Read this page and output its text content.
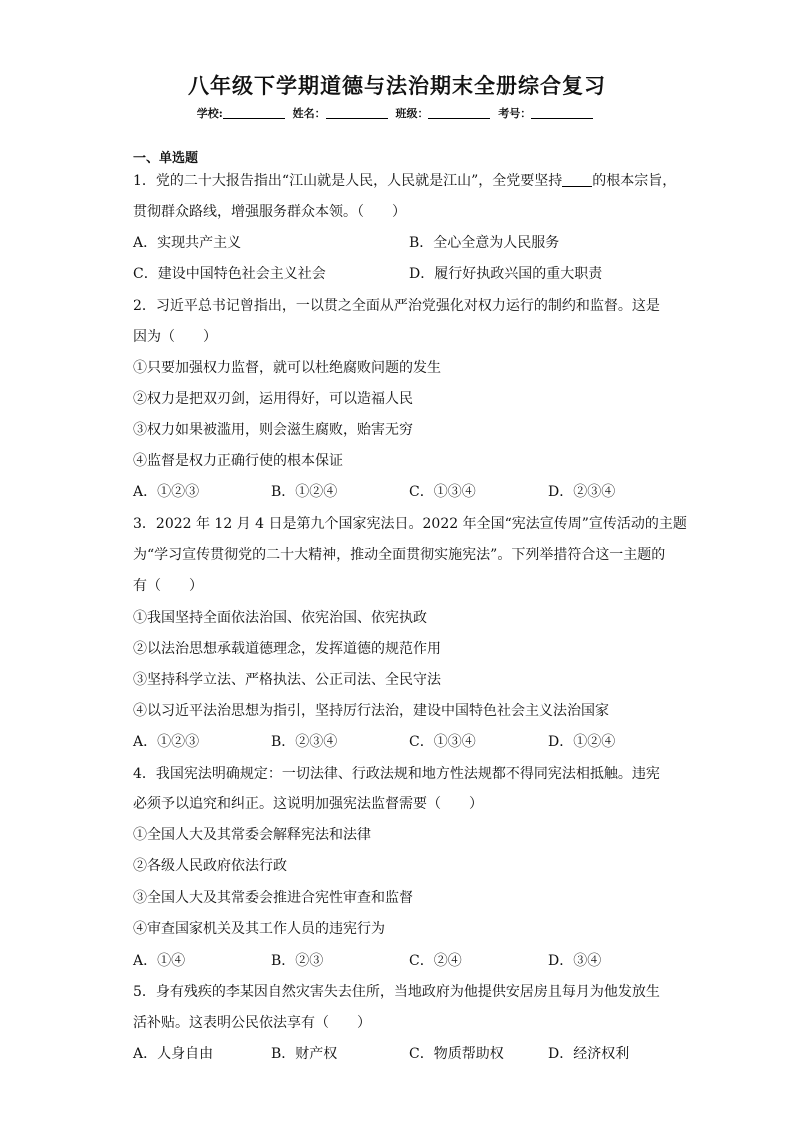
八年级下学期道德与法治期末全册综合复习
学校:	姓名：	班级：	考号：
一、单选题
1．党的二十大报告指出“江山就是人民，人民就是江山”，全党要坚持 的根本宗旨，
贯彻群众路线，增强服务群众本领。（　　）
A．实现共产主义	B．全心全意为人民服务
C．建设中国特色社会主义社会	D．履行好执政兴国的重大职责
2．习近平总书记曾指出，一以贯之全面从严治党强化对权力运行的制约和监督。这是
因为（　　）
①只要加强权力监督，就可以杜绝腐败问题的发生
②权力是把双刃剑，运用得好，可以造福人民
③权力如果被滥用，则会滋生腐败，贻害无穷
④监督是权力正确行使的根本保证
A．①②③	B．①②④	C．①③④	D．②③④
3．2022 年 12 月 4 日是第九个国家宪法日。2022 年全国“宪法宣传周”宣传活动的主题
为“学习宣传贯彻党的二十大精神，推动全面贯彻实施宪法”。下列举措符合这一主题的
有（　　）
①我国坚持全面依法治国、依宪治国、依宪执政
②以法治思想承载道德理念，发挥道德的规范作用
③坚持科学立法、严格执法、公正司法、全民守法
④以习近平法治思想为指引，坚持厉行法治，建设中国特色社会主义法治国家
A．①②③	B．②③④	C．①③④	D．①②④
4．我国宪法明确规定：一切法律、行政法规和地方性法规都不得同宪法相抵触。违宪
必须予以追究和纠正。这说明加强宪法监督需要（　　）
①全国人大及其常委会解释宪法和法律
②各级人民政府依法行政
③全国人大及其常委会推进合宪性审查和监督
④审查国家机关及其工作人员的违宪行为
A．①④	B．②③	C．②④	D．③④
5．身有残疾的李某因自然灾害失去住所，当地政府为他提供安居房且每月为他发放生
活补贴。这表明公民依法享有（　　）
A．人身自由	B．财产权	C．物质帮助权	D．经济权利
